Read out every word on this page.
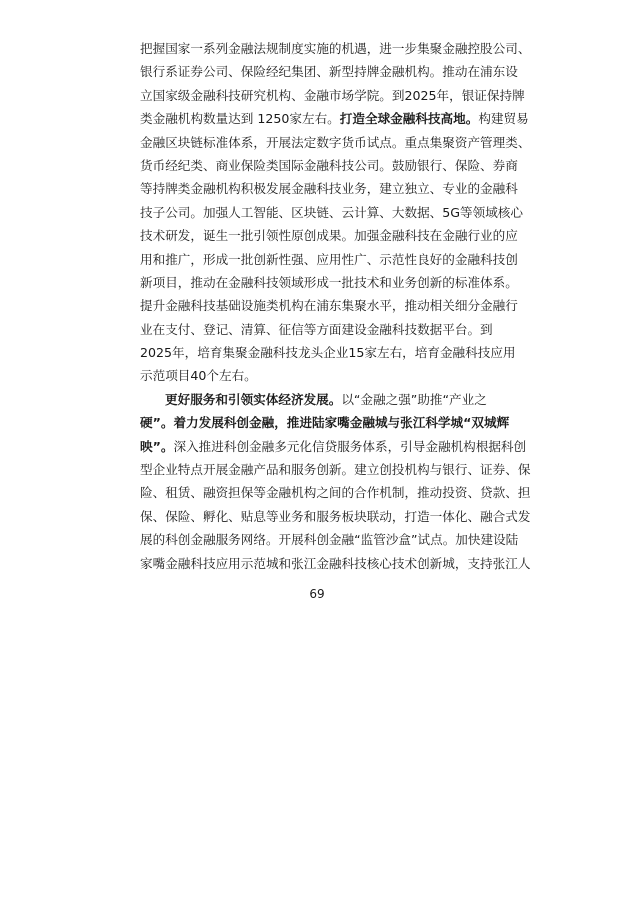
把握国家一系列金融法规制度实施的机遇，进一步集聚金融控股公司、
银行系证券公司、保险经纪集团、新型持牌金融机构。推动在浦东设
立国家级金融科技研究机构、金融市场学院。到2025年，银证保持牌
类金融机构数量达到 1250家左右。打造全球金融科技高地。构建贸易
金融区块链标准体系，开展法定数字货币试点。重点集聚资产管理类、
货币经纪类、商业保险类国际金融科技公司。鼓励银行、保险、券商
等持牌类金融机构积极发展金融科技业务，建立独立、专业的金融科
技子公司。加强人工智能、区块链、云计算、大数据、5G等领域核心
技术研发，诞生一批引领性原创成果。加强金融科技在金融行业的应
用和推广，形成一批创新性强、应用性广、示范性良好的金融科技创
新项目，推动在金融科技领域形成一批技术和业务创新的标准体系。
提升金融科技基础设施类机构在浦东集聚水平，推动相关细分金融行
业在支付、登记、清算、征信等方面建设金融科技数据平台。到
2025年，培育集聚金融科技龙头企业15家左右，培育金融科技应用
示范项目40个左右。
更好服务和引领实体经济发展。以“金融之强”助推“产业之
硬”。着力发展科创金融，推进陆家嘴金融城与张江科学城“双城辉
映”。深入推进科创金融多元化信贷服务体系，引导金融机构根据科创
型企业特点开展金融产品和服务创新。建立创投机构与银行、证券、保
险、租赁、融资担保等金融机构之间的合作机制，推动投资、贷款、担
保、保险、孵化、贴息等业务和服务板块联动，打造一体化、融合式发
展的科创金融服务网络。开展科创金融“监管沙盒”试点。加快建设陆
家嘴金融科技应用示范城和张江金融科技核心技术创新城，支持张江人
69
